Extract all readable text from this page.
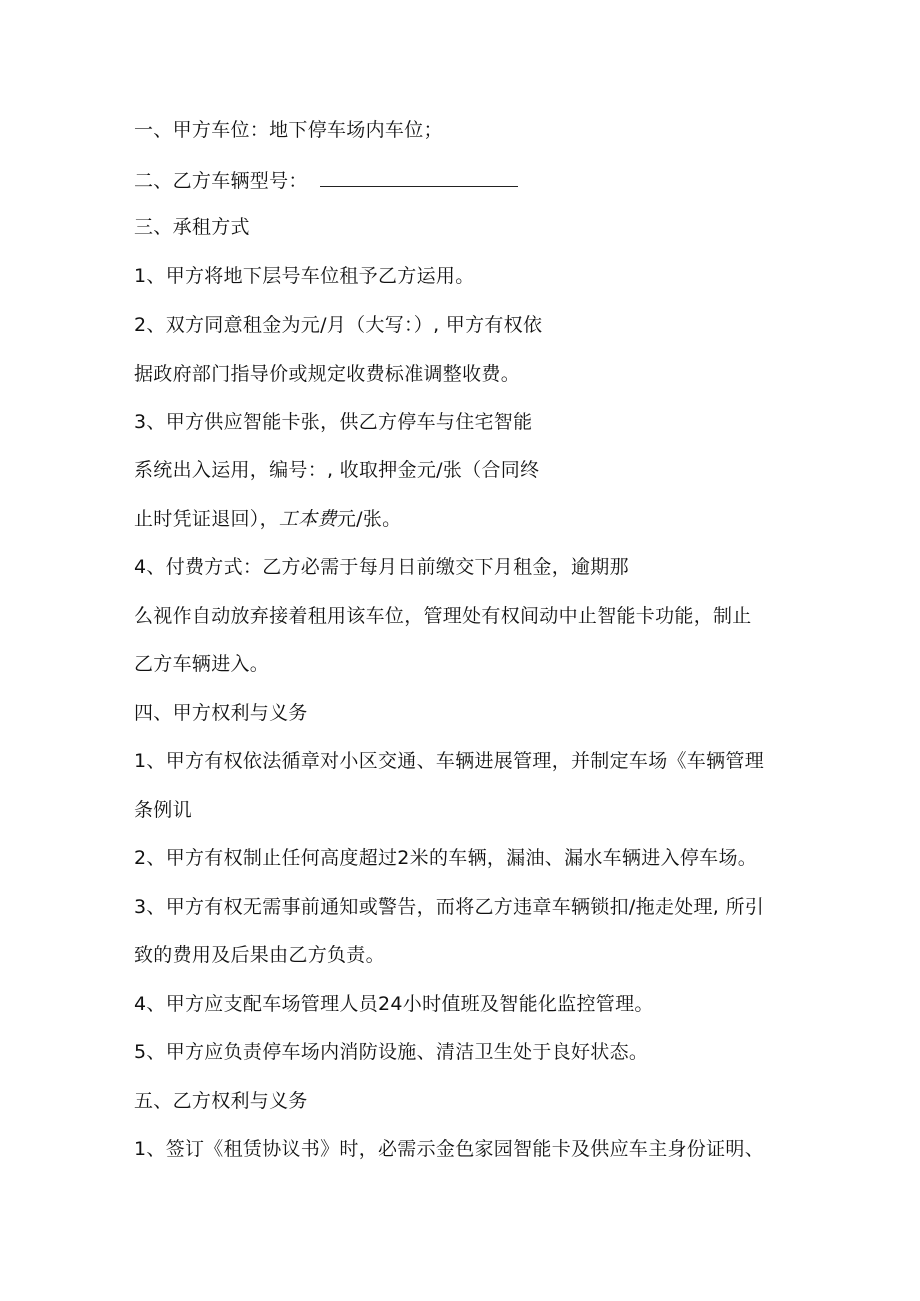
一、甲方车位：地下停车场内车位；
二、乙方车辆型号：
三、承租方式
1、甲方将地下层号车位租予乙方运用。
2、双方同意租金为元/月（大写：）, 甲方有权依
据政府部门指导价或规定收费标准调整收费。
3、甲方供应智能卡张，供乙方停车与住宅智能
系统出入运用，编号：, 收取押金元/张（合同终
止时凭证退回），工本费元/张。
4、付费方式：乙方必需于每月日前缴交下月租金，逾期那
么视作自动放弃接着租用该车位，管理处有权间动中止智能卡功能，制止
乙方车辆进入。
四、甲方权利与义务
1、甲方有权依法循章对小区交通、车辆进展管理，并制定车场《车辆管理
条例讥
2、甲方有权制止任何高度超过2米的车辆，漏油、漏水车辆进入停车场。
3、甲方有权无需事前通知或警告，而将乙方违章车辆锁扣/拖走处理, 所引
致的费用及后果由乙方负责。
4、甲方应支配车场管理人员24小时值班及智能化监控管理。
5、甲方应负责停车场内消防设施、清洁卫生处于良好状态。
五、乙方权利与义务
1、签订《租赁协议书》时，必需示金色家园智能卡及供应车主身份证明、
